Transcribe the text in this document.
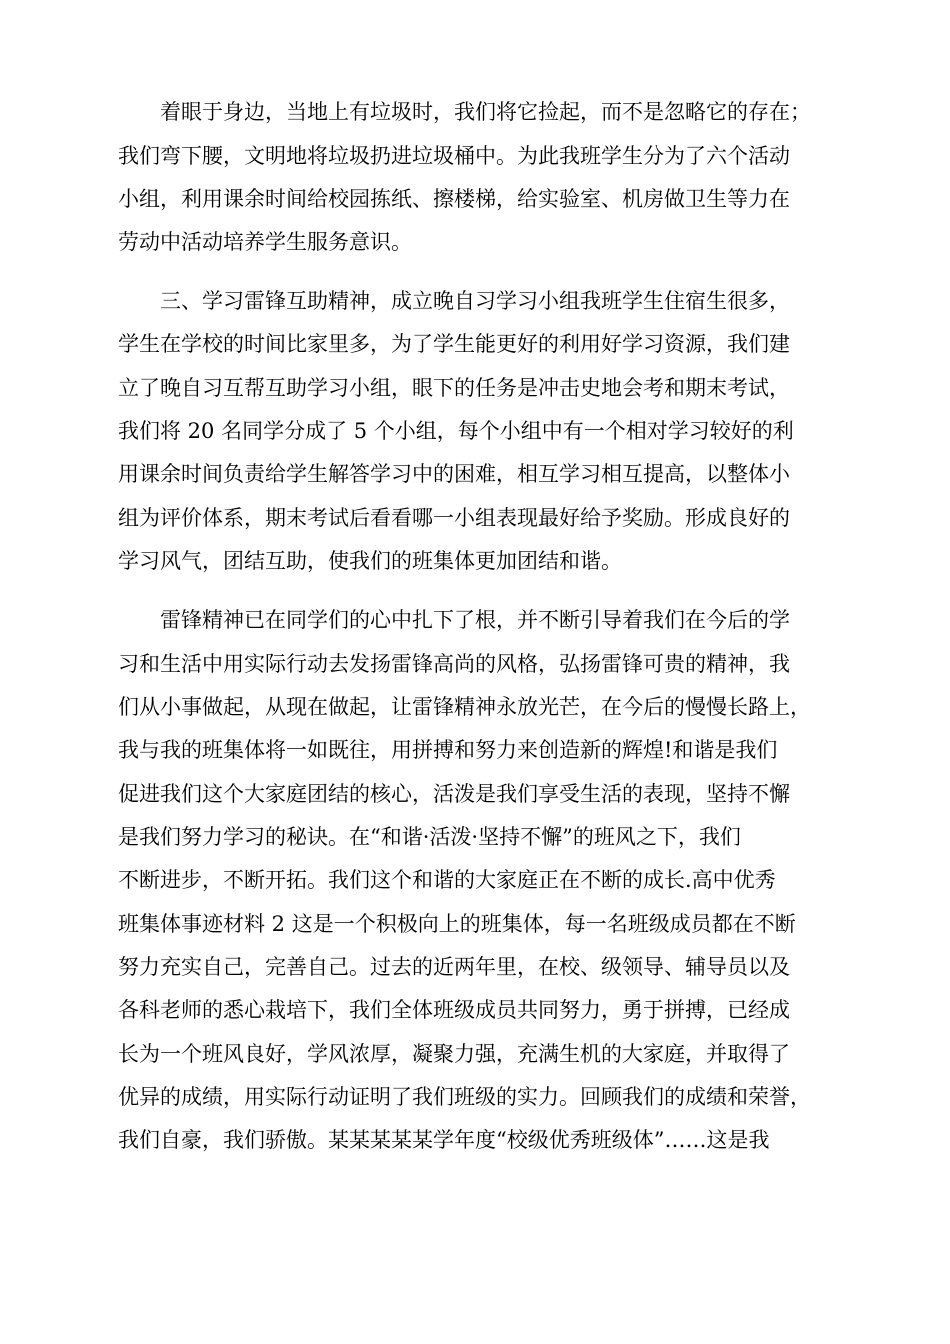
着眼于身边，当地上有垃圾时，我们将它捡起，而不是忽略它的存在；
我们弯下腰，文明地将垃圾扔进垃圾桶中。为此我班学生分为了六个活动
小组，利用课余时间给校园拣纸、擦楼梯，给实验室、机房做卫生等力在
劳动中活动培养学生服务意识。
三、学习雷锋互助精神，成立晚自习学习小组我班学生住宿生很多，
学生在学校的时间比家里多，为了学生能更好的利用好学习资源，我们建
立了晚自习互帮互助学习小组，眼下的任务是冲击史地会考和期末考试，
我们将 20 名同学分成了 5 个小组，每个小组中有一个相对学习较好的利
用课余时间负责给学生解答学习中的困难，相互学习相互提高，以整体小
组为评价体系，期末考试后看看哪一小组表现最好给予奖励。形成良好的
学习风气，团结互助，使我们的班集体更加团结和谐。
雷锋精神已在同学们的心中扎下了根，并不断引导着我们在今后的学
习和生活中用实际行动去发扬雷锋高尚的风格，弘扬雷锋可贵的精神，我
们从小事做起，从现在做起，让雷锋精神永放光芒，在今后的慢慢长路上，
我与我的班集体将一如既往，用拼搏和努力来创造新的辉煌!和谐是我们
促进我们这个大家庭团结的核心，活泼是我们享受生活的表现，坚持不懈
是我们努力学习的秘诀。在“和谐·活泼·坚持不懈”的班风之下，我们
不断进步，不断开拓。我们这个和谐的大家庭正在不断的成长.高中优秀
班集体事迹材料 2 这是一个积极向上的班集体，每一名班级成员都在不断
努力充实自己，完善自己。过去的近两年里，在校、级领导、辅导员以及
各科老师的悉心栽培下，我们全体班级成员共同努力，勇于拼搏，已经成
长为一个班风良好，学风浓厚，凝聚力强，充满生机的大家庭，并取得了
优异的成绩，用实际行动证明了我们班级的实力。回顾我们的成绩和荣誉，
我们自豪，我们骄傲。某某某某某学年度“校级优秀班级体”……这是我
